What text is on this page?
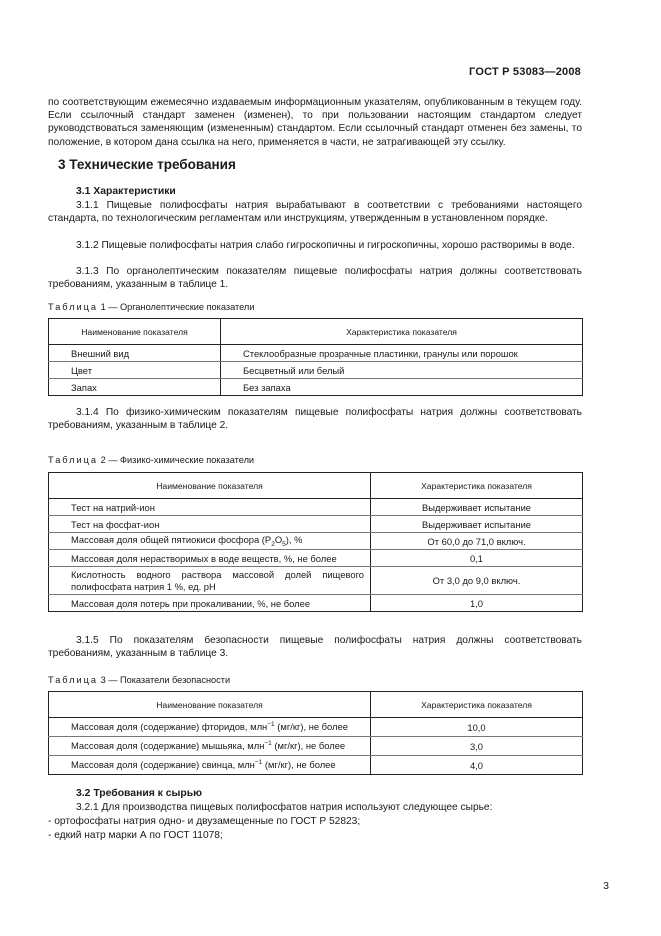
ГОСТ Р 53083—2008

по соответствующим ежемесячно издаваемым информационным указателям, опубликованным в текущем году. Если ссылочный стандарт заменен (изменен), то при пользовании настоящим стандартом следует руководствоваться заменяющим (измененным) стандартом. Если ссылочный стандарт отменен без замены, то положение, в котором дана ссылка на него, применяется в части, не затрагивающей эту ссылку.

3 Технические требования
3.1 Характеристики

3.1.1 Пищевые полифосфаты натрия вырабатывают в соответствии с требованиями настоящего стандарта, по технологическим регламентам или инструкциям, утвержденным в установленном порядке.

3.1.2 Пищевые полифосфаты натрия слабо гигроскопичны и гигроскопичны, хорошо растворимы в воде.

3.1.3 По органолептическим показателям пищевые полифосфаты натрия должны соответствовать требованиям, указанным в таблице 1.

Таблица 1 — Органолептические показатели
Наименование показателя	Характеристика показателя
Внешний вид	Стеклообразные прозрачные пластинки, гранулы или порошок
Цвет	Бесцветный или белый
Запах	Без запаха

3.1.4 По физико-химическим показателям пищевые полифосфаты натрия должны соответствовать требованиям, указанным в таблице 2.

Таблица 2 — Физико-химические показатели
Наименование показателя	Характеристика показателя
Тест на натрий-ион	Выдерживает испытание
Тест на фосфат-ион	Выдерживает испытание
Массовая доля общей пятиокиси фосфора $(P_2O_5)$, %	От 60,0 до 71,0 включ.
Массовая доля нерастворимых в воде веществ, %, не более	0,1
Кислотность водного раствора массовой долей пищевого полифосфата натрия 1 %, ед. рН	От 3,0 до 9,0 включ.
Массовая доля потерь при прокаливании, %, не более	1,0

3.1.5 По показателям безопасности пищевые полифосфаты натрия должны соответствовать требованиям, указанным в таблице 3.

Таблица 3 — Показатели безопасности
Наименование показателя	Характеристика показателя
Массовая доля (содержание) фторидов, млн$^{-1}$ (мг/кг), не более	10,0
Массовая доля (содержание) мышьяка, млн$^{-1}$ (мг/кг), не более	3,0
Массовая доля (содержание) свинца, млн$^{-1}$ (мг/кг), не более	4,0
3.2 Требования к сырью

3.2.1 Для производства пищевых полифосфатов натрия используют следующее сырье:

- ортофосфаты натрия одно- и двузамещенные по ГОСТ Р 52823;

- едкий натр марки А по ГОСТ 11078;

3
